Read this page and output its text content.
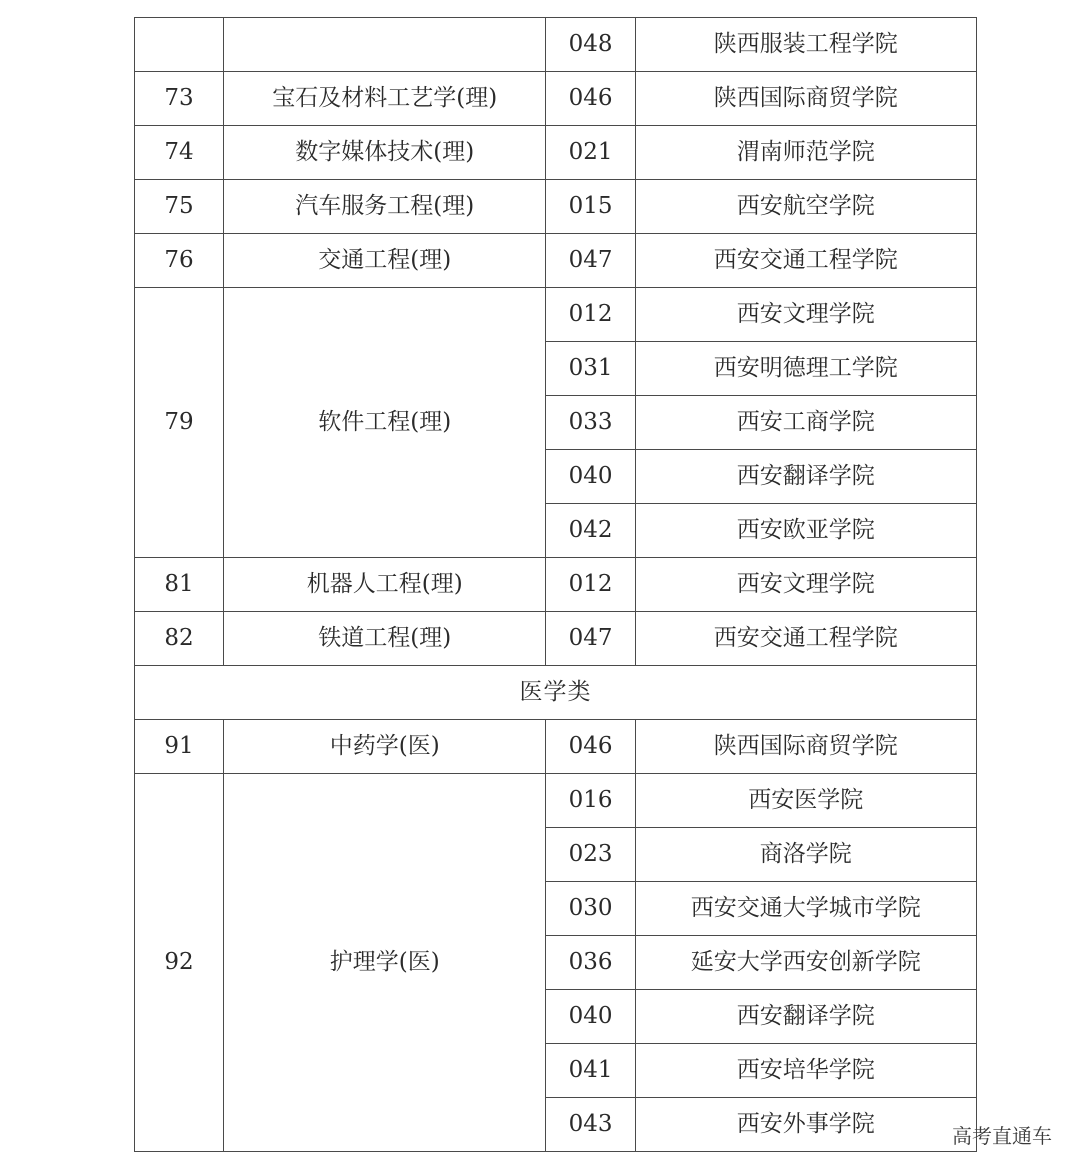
		048	陕西服装工程学院
73	宝石及材料工艺学(理)	046	陕西国际商贸学院
74	数字媒体技术(理)	021	渭南师范学院
75	汽车服务工程(理)	015	西安航空学院
76	交通工程(理)	047	西安交通工程学院
79	软件工程(理)	012	西安文理学院
		031	西安明德理工学院
		033	西安工商学院
		040	西安翻译学院
		042	西安欧亚学院
81	机器人工程(理)	012	西安文理学院
82	铁道工程(理)	047	西安交通工程学院
医学类			
91	中药学(医)	046	陕西国际商贸学院
92	护理学(医)	016	西安医学院
		023	商洛学院
		030	西安交通大学城市学院
		036	延安大学西安创新学院
		040	西安翻译学院
		041	西安培华学院
		043	西安外事学院	高考直通车
